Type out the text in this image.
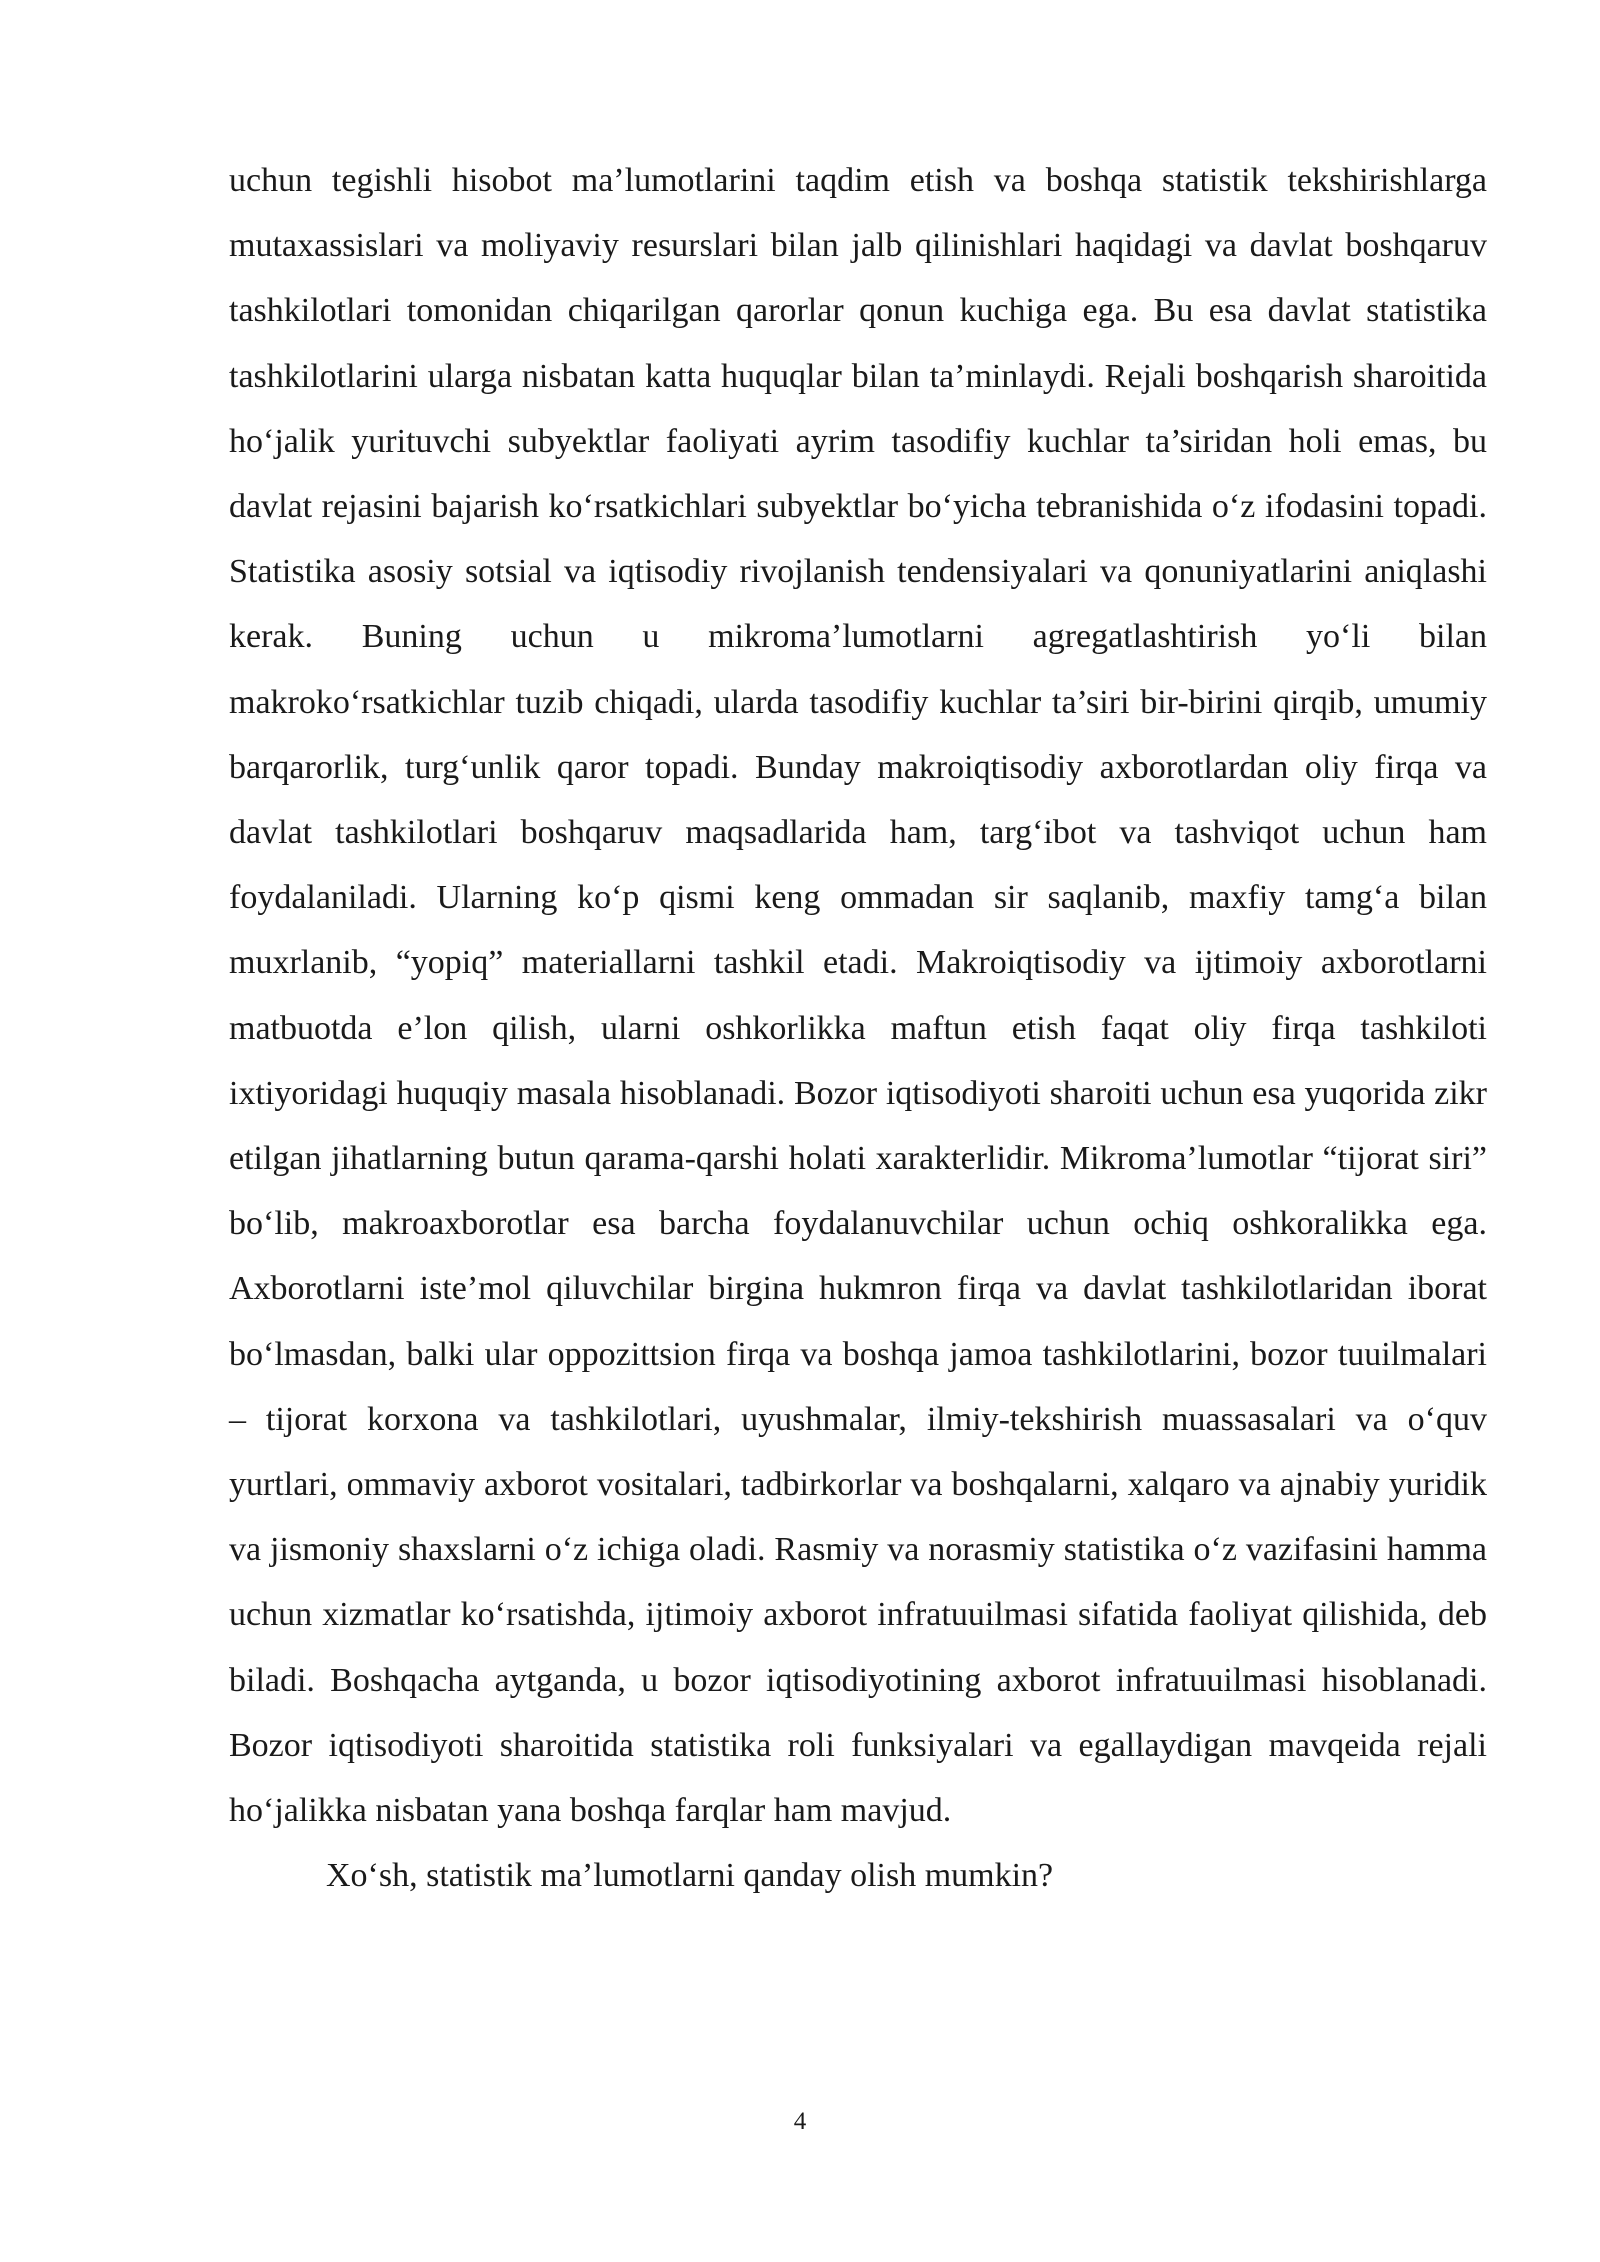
uchun tegishli hisobot ma’lumotlarini taqdim etish va boshqa statistik tekshirishlarga mutaxassislari va moliyaviy resurslari bilan jalb qilinishlari haqidagi va davlat boshqaruv tashkilotlari tomonidan chiqarilgan qarorlar qonun kuchiga ega. Bu esa davlat statistika tashkilotlarini ularga nisbatan katta huquqlar bilan ta’minlaydi. Rejali boshqarish sharoitida ho‘jalik yurituvchi subyektlar faoliyati ayrim tasodifiy kuchlar ta’siridan holi emas, bu davlat rejasini bajarish ko‘rsatkichlari subyektlar bo‘yicha tebranishida o‘z ifodasini topadi. Statistika asosiy sotsial va iqtisodiy rivojlanish tendensiyalari va qonuniyatlarini aniqlashi kerak. Buning uchun u mikroma’lumotlarni agregatlashtirish yo‘li bilan makroko‘rsatkichlar tuzib chiqadi, ularda tasodifiy kuchlar ta’siri bir-birini qirqib, umumiy barqarorlik, turg‘unlik qaror topadi. Bunday makroiqtisodiy axborotlardan oliy firqa va davlat tashkilotlari boshqaruv maqsadlarida ham, targ‘ibot va tashviqot uchun ham foydalaniladi. Ularning ko‘p qismi keng ommadan sir saqlanib, maxfiy tamg‘a bilan muxrlanib, “yopiq” materiallarni tashkil etadi. Makroiqtisodiy va ijtimoiy axborotlarni matbuotda e’lon qilish, ularni oshkorlikka maftun etish faqat oliy firqa tashkiloti ixtiyoridagi huquqiy masala hisoblanadi. Bozor iqtisodiyoti sharoiti uchun esa yuqorida zikr etilgan jihatlarning butun qarama-qarshi holati xarakterlidir. Mikroma’lumotlar “tijorat siri” bo‘lib, makroaxborotlar esa barcha foydalanuvchilar uchun ochiq oshkoralikka ega. Axborotlarni iste’mol qiluvchilar birgina hukmron firqa va davlat tashkilotlaridan iborat bo‘lmasdan, balki ular oppozittsion firqa va boshqa jamoa tashkilotlarini, bozor tuuilmalari – tijorat korxona va tashkilotlari, uyushmalar, ilmiy-tekshirish muassasalari va o‘quv yurtlari, ommaviy axborot vositalari, tadbirkorlar va boshqalarni, xalqaro va ajnabiy yuridik va jismoniy shaxslarni o‘z ichiga oladi. Rasmiy va norasmiy statistika o‘z vazifasini hamma uchun xizmatlar ko‘rsatishda, ijtimoiy axborot infratuuilmasi sifatida faoliyat qilishida, deb biladi. Boshqacha aytganda, u bozor iqtisodiyotining axborot infratuuilmasi hisoblanadi. Bozor iqtisodiyoti sharoitida statistika roli funksiyalari va egallaydigan mavqeida rejali ho‘jalikka nisbatan yana boshqa farqlar ham mavjud.

Xo‘sh, statistik ma’lumotlarni qanday olish mumkin?

4
